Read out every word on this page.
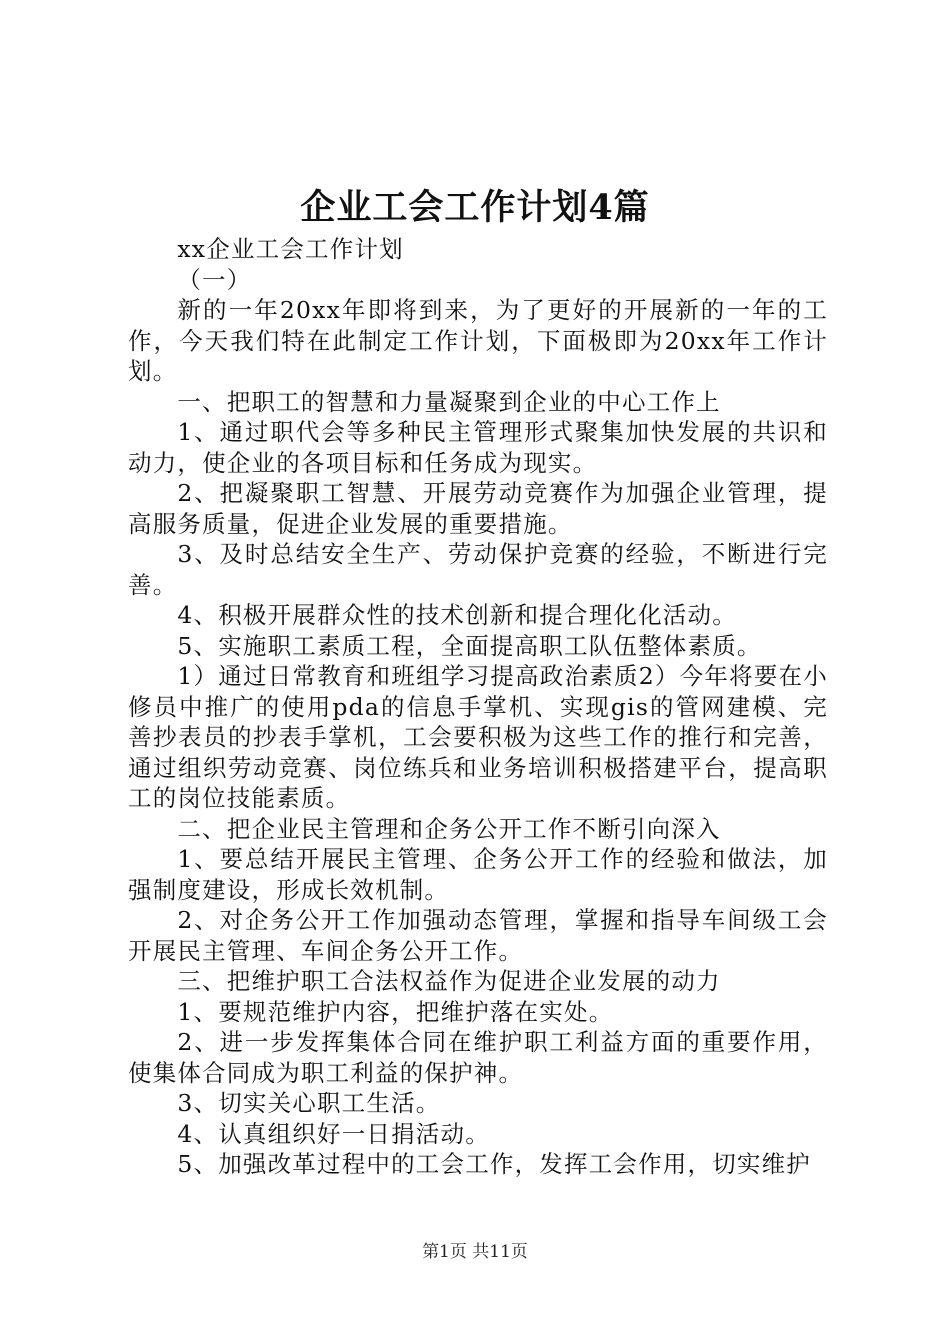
企业工会工作计划4篇

xx企业工会工作计划

（一）

新的一年20xx年即将到来，为了更好的开展新的一年的工作，今天我们特在此制定工作计划，下面极即为20xx年工作计划。

一、把职工的智慧和力量凝聚到企业的中心工作上

1、通过职代会等多种民主管理形式聚集加快发展的共识和动力，使企业的各项目标和任务成为现实。

2、把凝聚职工智慧、开展劳动竞赛作为加强企业管理，提高服务质量，促进企业发展的重要措施。

3、及时总结安全生产、劳动保护竞赛的经验，不断进行完善。

4、积极开展群众性的技术创新和提合理化化活动。

5、实施职工素质工程，全面提高职工队伍整体素质。

1）通过日常教育和班组学习提高政治素质2）今年将要在小修员中推广的使用pda的信息手掌机、实现gis的管网建模、完善抄表员的抄表手掌机，工会要积极为这些工作的推行和完善，通过组织劳动竞赛、岗位练兵和业务培训积极搭建平台，提高职工的岗位技能素质。

二、把企业民主管理和企务公开工作不断引向深入

1、要总结开展民主管理、企务公开工作的经验和做法，加强制度建设，形成长效机制。

2、对企务公开工作加强动态管理，掌握和指导车间级工会开展民主管理、车间企务公开工作。

三、把维护职工合法权益作为促进企业发展的动力

1、要规范维护内容，把维护落在实处。

2、进一步发挥集体合同在维护职工利益方面的重要作用，使集体合同成为职工利益的保护神。

3、切实关心职工生活。

4、认真组织好一日捐活动。

5、加强改革过程中的工会工作，发挥工会作用，切实维护

第1页 共11页
